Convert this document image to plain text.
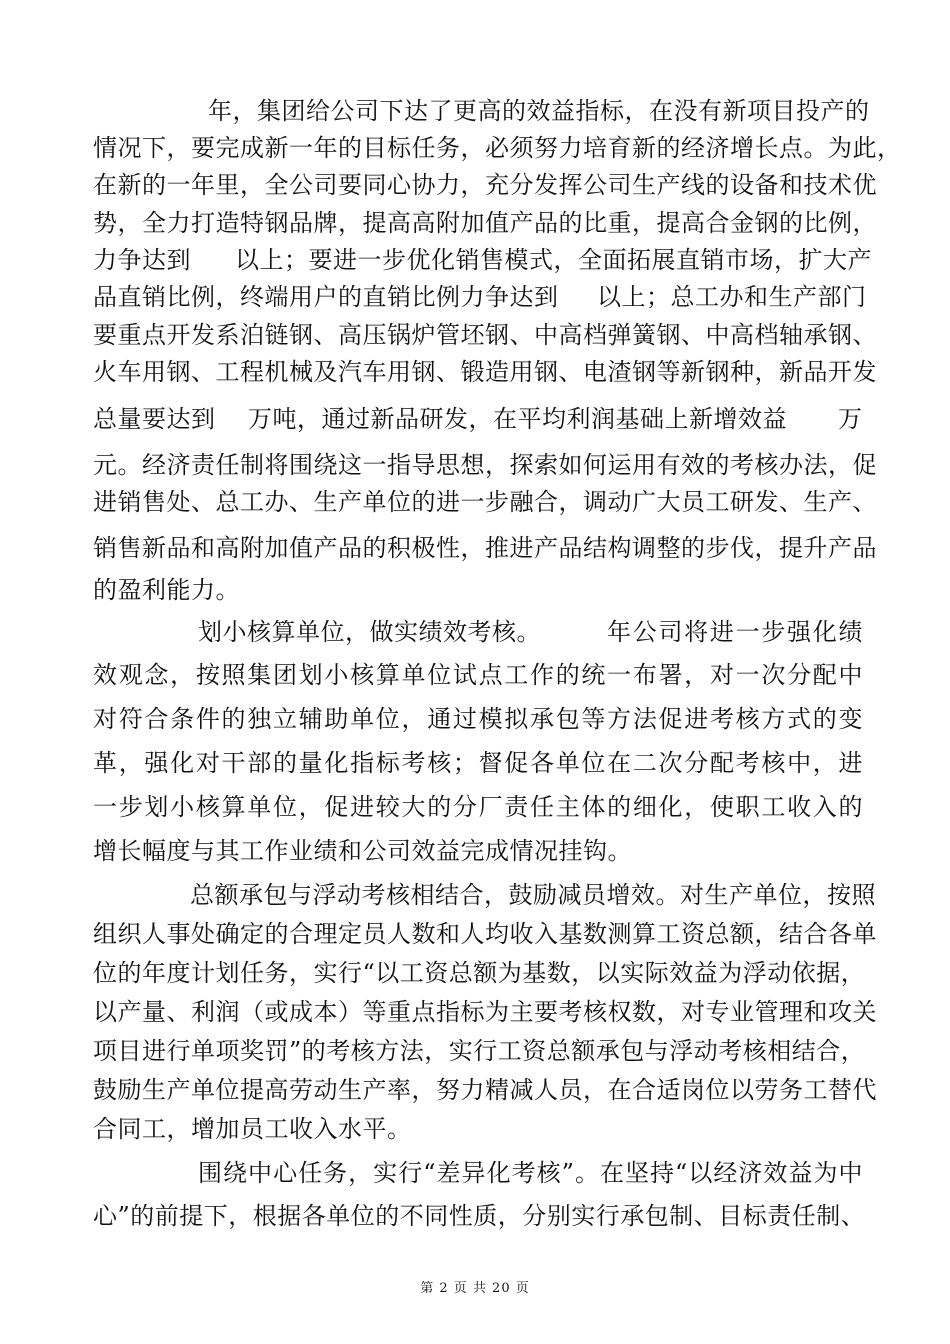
年，集团给公司下达了更高的效益指标，在没有新项目投产的
情况下，要完成新一年的目标任务，必须努力培育新的经济增长点。为此，
在新的一年里，全公司要同心协力，充分发挥公司生产线的设备和技术优
势，全力打造特钢品牌，提高高附加值产品的比重，提高合金钢的比例，
力争达到	以上；要进一步优化销售模式，全面拓展直销市场，扩大产
品直销比例，终端用户的直销比例力争达到 以上；总工办和生产部门
要重点开发系泊链钢、高压锅炉管坯钢、中高档弹簧钢、中高档轴承钢、
火车用钢、工程机械及汽车用钢、锻造用钢、电渣钢等新钢种，新品开发
总量要达到	万吨，通过新品研发，在平均利润基础上新增效益 万
元。经济责任制将围绕这一指导思想，探索如何运用有效的考核办法，促
进销售处、总工办、生产单位的进一步融合，调动广大员工研发、生产、
销售新品和高附加值产品的积极性，推进产品结构调整的步伐，提升产品
的盈利能力。
划小核算单位，做实绩效考核。	年公司将进一步强化绩
效观念，按照集团划小核算单位试点工作的统一布署，对一次分配中
对符合条件的独立辅助单位，通过模拟承包等方法促进考核方式的变
革，强化对干部的量化指标考核；督促各单位在二次分配考核中，进
一步划小核算单位，促进较大的分厂责任主体的细化，使职工收入的
增长幅度与其工作业绩和公司效益完成情况挂钩。
总额承包与浮动考核相结合，鼓励减员增效。对生产单位，按照
组织人事处确定的合理定员人数和人均收入基数测算工资总额，结合各单
位的年度计划任务，实行“以工资总额为基数，以实际效益为浮动依据，
以产量、利润（或成本）等重点指标为主要考核权数，对专业管理和攻关
项目进行单项奖罚”的考核方法，实行工资总额承包与浮动考核相结合，
鼓励生产单位提高劳动生产率，努力精减人员，在合适岗位以劳务工替代
合同工，增加员工收入水平。
围绕中心任务，实行“差异化考核”。在坚持“以经济效益为中
心”的前提下，根据各单位的不同性质，分别实行承包制、目标责任制、
第 2 页 共 20 页
